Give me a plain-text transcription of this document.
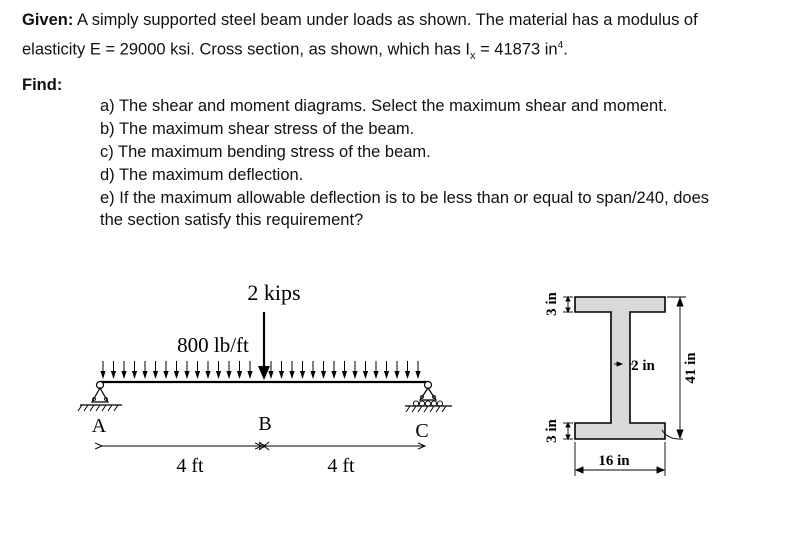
Given: A simply supported steel beam under loads as shown. The material has a modulus of
elasticity E = 29000 ksi. Cross section, as shown, which has $I_x = 41873$ $in^4$.
Find:
a) The shear and moment diagrams. Select the maximum shear and moment.
b) The maximum shear stress of the beam.
c) The maximum bending stress of the beam.
d) The maximum deflection.
e) If the maximum allowable deflection is to be less than or equal to span/240, does
the section satisfy this requirement?
2 kips
800 lb/ft
A	C
B
4 ft	4 ft
3 in
3 in
2 in 41 in
16 in
